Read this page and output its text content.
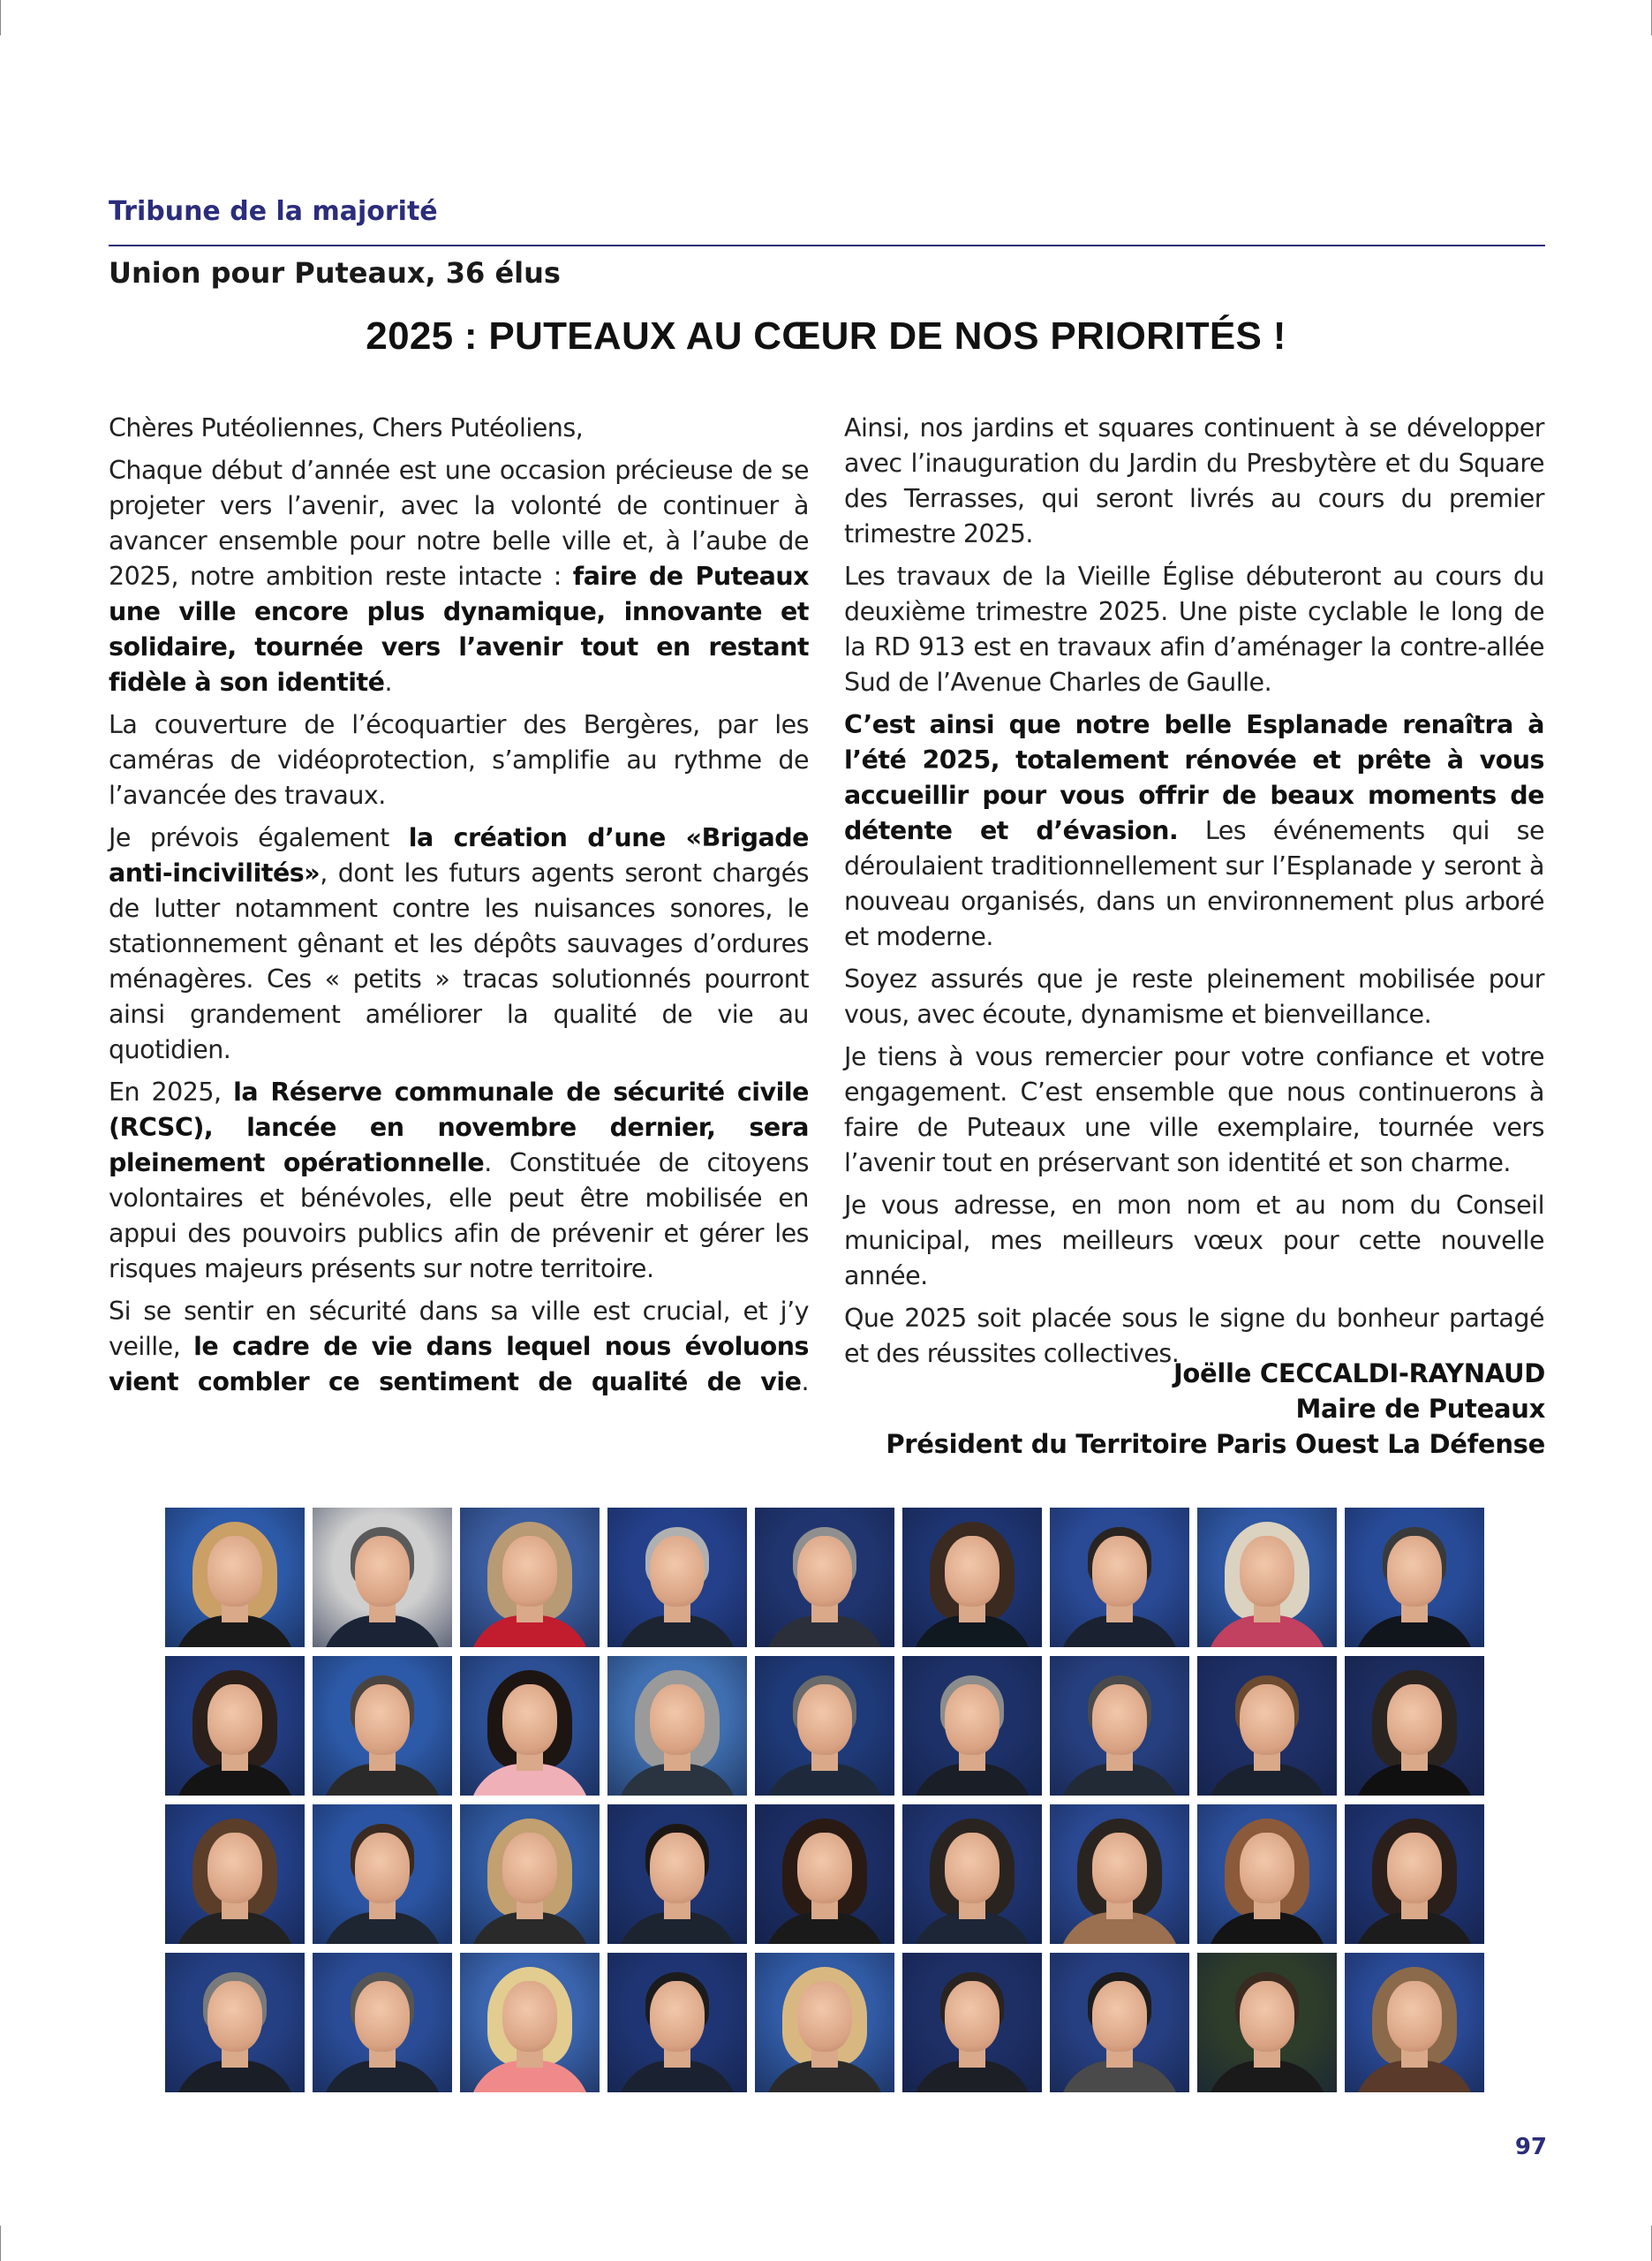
Tribune de la majorité
Union pour Puteaux, 36 élus
2025 : PUTEAUX AU CŒUR DE NOS PRIORITÉS !

Chères Putéoliennes, Chers Putéoliens,

Chaque début d’année est une occasion précieuse de se projeter vers l’avenir, avec la volonté de continuer à avancer ensemble pour notre belle ville et, à l’aube de 2025, notre ambition reste intacte : faire de Puteaux une ville encore plus dynamique, innovante et solidaire, tournée vers l’avenir tout en restant fidèle à son identité.

La couverture de l’écoquartier des Bergères, par les caméras de vidéoprotection, s’amplifie au rythme de l’avancée des travaux.

Je prévois également la création d’une «Brigade anti-incivilités», dont les futurs agents seront chargés de lutter notamment contre les nuisances sonores, le stationnement gênant et les dépôts sauvages d’ordures ménagères. Ces « petits » tracas solutionnés pourront ainsi grandement améliorer la qualité de vie au quotidien.

En 2025, la Réserve communale de sécurité civile (RCSC), lancée en novembre dernier, sera pleinement opérationnelle. Constituée de citoyens volontaires et bénévoles, elle peut être mobilisée en appui des pouvoirs publics afin de prévenir et gérer les risques majeurs présents sur notre territoire.

Si se sentir en sécurité dans sa ville est crucial, et j’y veille, le cadre de vie dans lequel nous évoluons vient combler ce sentiment de qualité de vie.

Ainsi, nos jardins et squares continuent à se développer avec l’inauguration du Jardin du Presbytère et du Square des Terrasses, qui seront livrés au cours du premier trimestre 2025.

Les travaux de la Vieille Église débuteront au cours du deuxième trimestre 2025. Une piste cyclable le long de la RD 913 est en travaux afin d’aménager la contre-allée Sud de l’Avenue Charles de Gaulle.

C’est ainsi que notre belle Esplanade renaîtra à l’été 2025, totalement rénovée et prête à vous accueillir pour vous offrir de beaux moments de détente et d’évasion. Les événements qui se déroulaient traditionnellement sur l’Esplanade y seront à nouveau organisés, dans un environnement plus arboré et moderne.

Soyez assurés que je reste pleinement mobilisée pour vous, avec écoute, dynamisme et bienveillance.

Je tiens à vous remercier pour votre confiance et votre engagement. C’est ensemble que nous continuerons à faire de Puteaux une ville exemplaire, tournée vers l’avenir tout en préservant son identité et son charme.

Je vous adresse, en mon nom et au nom du Conseil municipal, mes meilleurs vœux pour cette nouvelle année.

Que 2025 soit placée sous le signe du bonheur partagé et des réussites collectives.

Joëlle CECCALDI-RAYNAUD
Maire de Puteaux
Président du Territoire Paris Ouest La Défense
97
